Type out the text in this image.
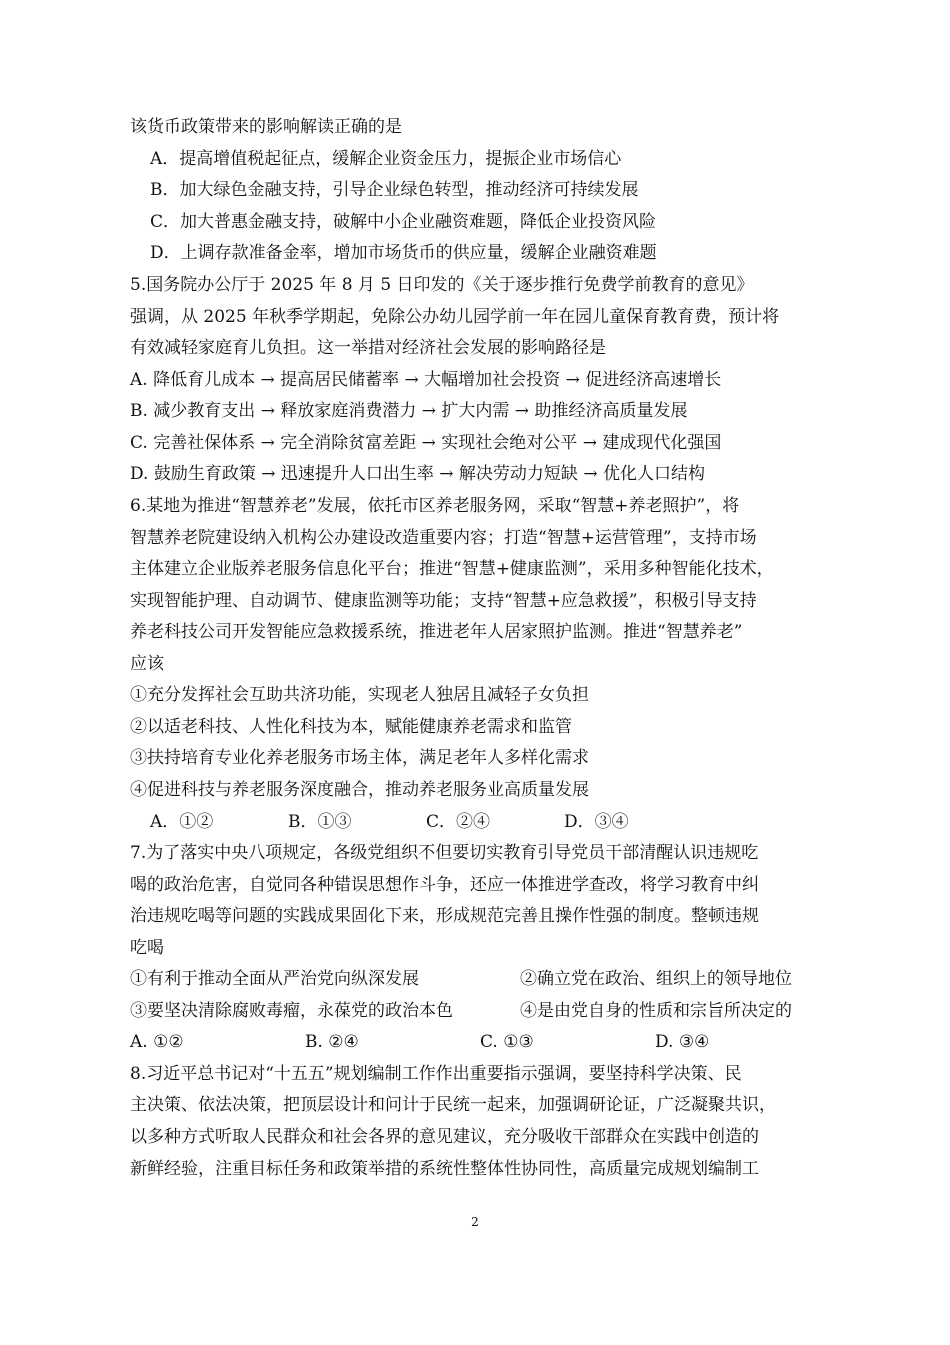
该货币政策带来的影响解读正确的是
A．提高增值税起征点，缓解企业资金压力，提振企业市场信心
B．加大绿色金融支持，引导企业绿色转型，推动经济可持续发展
C．加大普惠金融支持，破解中小企业融资难题，降低企业投资风险
D．上调存款准备金率，增加市场货币的供应量，缓解企业融资难题
5.国务院办公厅于 2025 年 8 月 5 日印发的《关于逐步推行免费学前教育的意见》
强调，从 2025 年秋季学期起，免除公办幼儿园学前一年在园儿童保育教育费，预计将
有效减轻家庭育儿负担。这一举措对经济社会发展的影响路径是
A. 降低育儿成本 → 提高居民储蓄率 → 大幅增加社会投资 → 促进经济高速增长
B. 减少教育支出 → 释放家庭消费潜力 → 扩大内需 → 助推经济高质量发展
C. 完善社保体系 → 完全消除贫富差距 → 实现社会绝对公平 → 建成现代化强国
D. 鼓励生育政策 → 迅速提升人口出生率 → 解决劳动力短缺 → 优化人口结构
6.某地为推进“智慧养老”发展，依托市区养老服务网，采取“智慧+养老照护”，将
智慧养老院建设纳入机构公办建设改造重要内容；打造“智慧+运营管理”，支持市场
主体建立企业版养老服务信息化平台；推进“智慧+健康监测”，采用多种智能化技术，
实现智能护理、自动调节、健康监测等功能；支持“智慧+应急救援”，积极引导支持
养老科技公司开发智能应急救援系统，推进老年人居家照护监测。推进“智慧养老”
应该
①充分发挥社会互助共济功能，实现老人独居且减轻子女负担
②以适老科技、人性化科技为本，赋能健康养老需求和监管
③扶持培育专业化养老服务市场主体，满足老年人多样化需求
④促进科技与养老服务深度融合，推动养老服务业高质量发展
A．①②	B．①③	C．②④	D．③④
7.为了落实中央八项规定，各级党组织不但要切实教育引导党员干部清醒认识违规吃
喝的政治危害，自觉同各种错误思想作斗争，还应一体推进学查改，将学习教育中纠
治违规吃喝等问题的实践成果固化下来，形成规范完善且操作性强的制度。整顿违规
吃喝
①有利于推动全面从严治党向纵深发展	②确立党在政治、组织上的领导地位
③要坚决清除腐败毒瘤，永葆党的政治本色	④是由党自身的性质和宗旨所决定的
A. ①②	B. ②④	C. ①③	D. ③④
8.习近平总书记对“十五五”规划编制工作作出重要指示强调，要坚持科学决策、民
主决策、依法决策，把顶层设计和问计于民统一起来，加强调研论证，广泛凝聚共识，
以多种方式听取人民群众和社会各界的意见建议，充分吸收干部群众在实践中创造的
新鲜经验，注重目标任务和政策举措的系统性整体性协同性，高质量完成规划编制工
2
